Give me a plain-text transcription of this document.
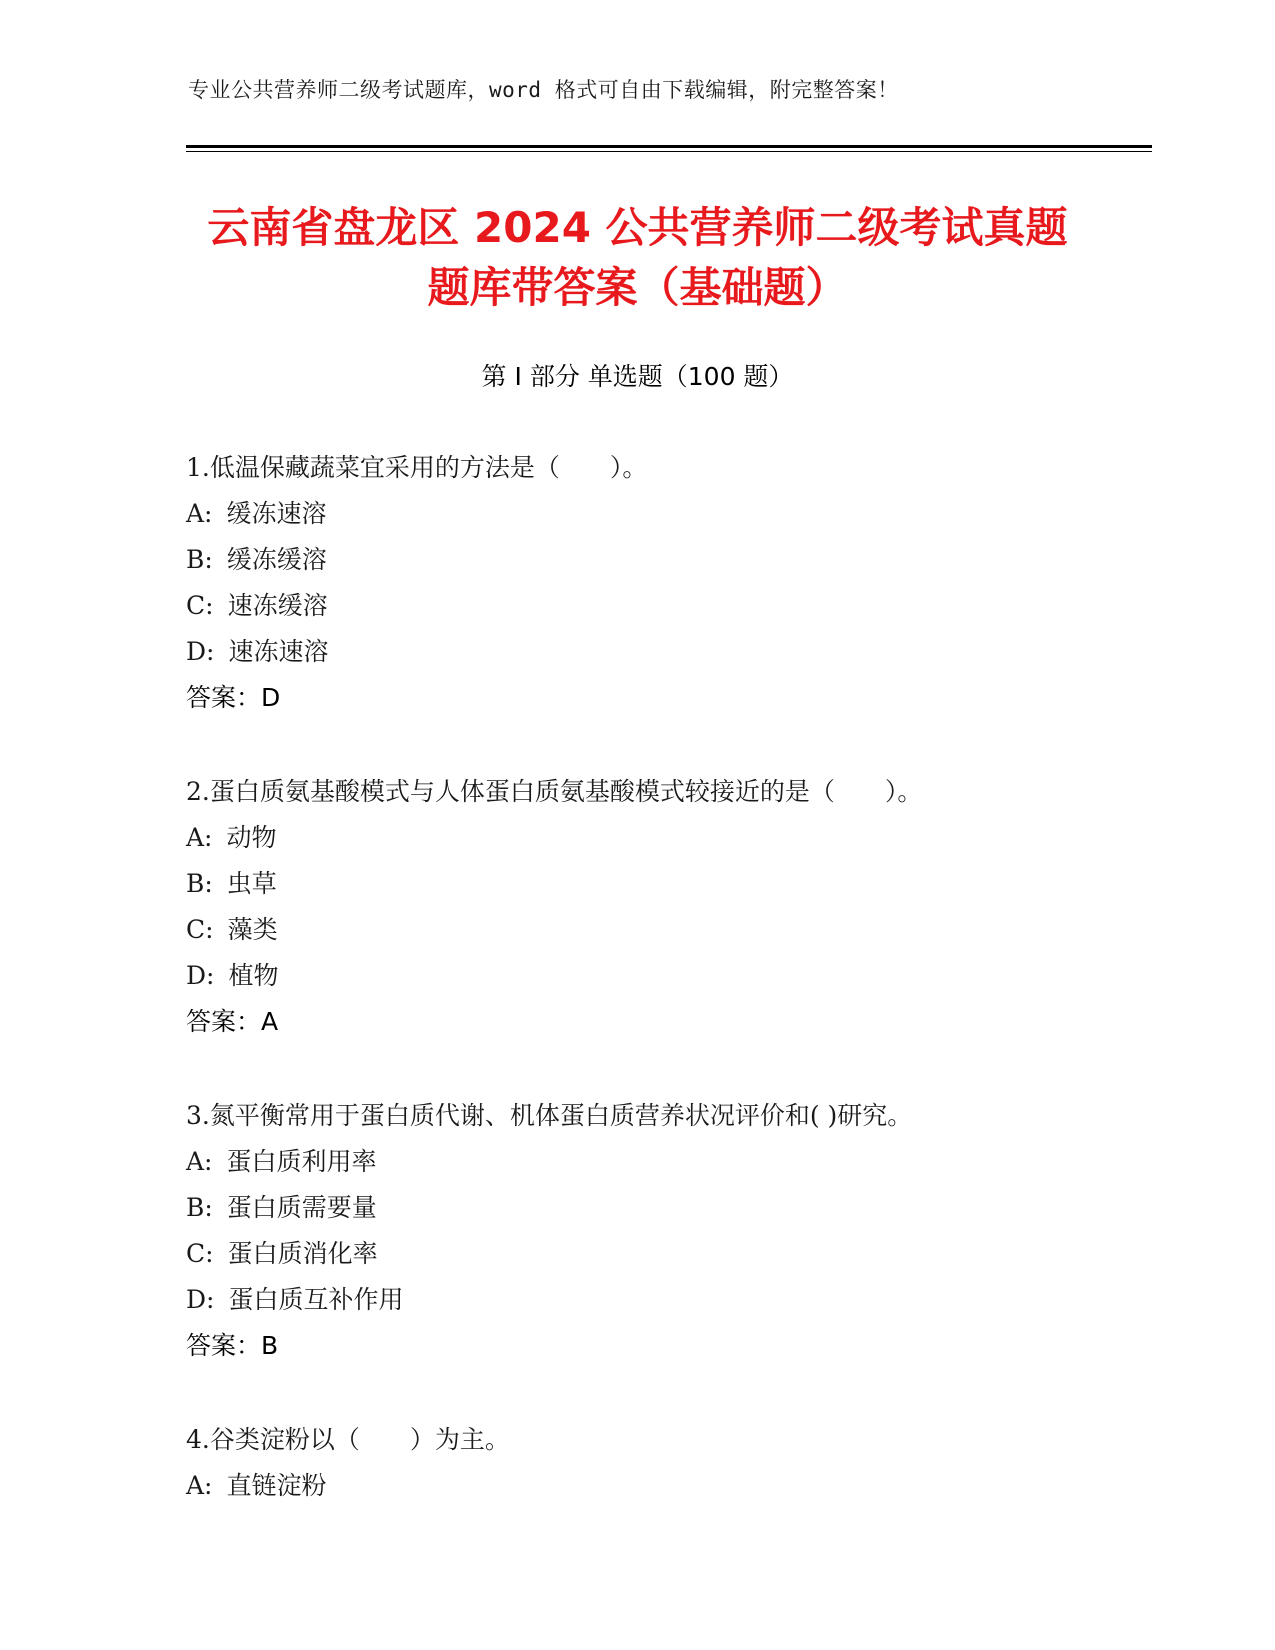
专业公共营养师二级考试题库，word 格式可自由下载编辑，附完整答案！
云南省盘龙区 2024 公共营养师二级考试真题
题库带答案（基础题）
第 I 部分 单选题（100 题）
1.低温保藏蔬菜宜采用的方法是（　　）。
A: 缓冻速溶
B: 缓冻缓溶
C: 速冻缓溶
D: 速冻速溶
答案：D
2.蛋白质氨基酸模式与人体蛋白质氨基酸模式较接近的是（　　）。
A: 动物
B: 虫草
C: 藻类
D: 植物
答案：A
3.氮平衡常用于蛋白质代谢、机体蛋白质营养状况评价和( )研究。
A: 蛋白质利用率
B: 蛋白质需要量
C: 蛋白质消化率
D: 蛋白质互补作用
答案：B
4.谷类淀粉以（　　）为主。
A: 直链淀粉
